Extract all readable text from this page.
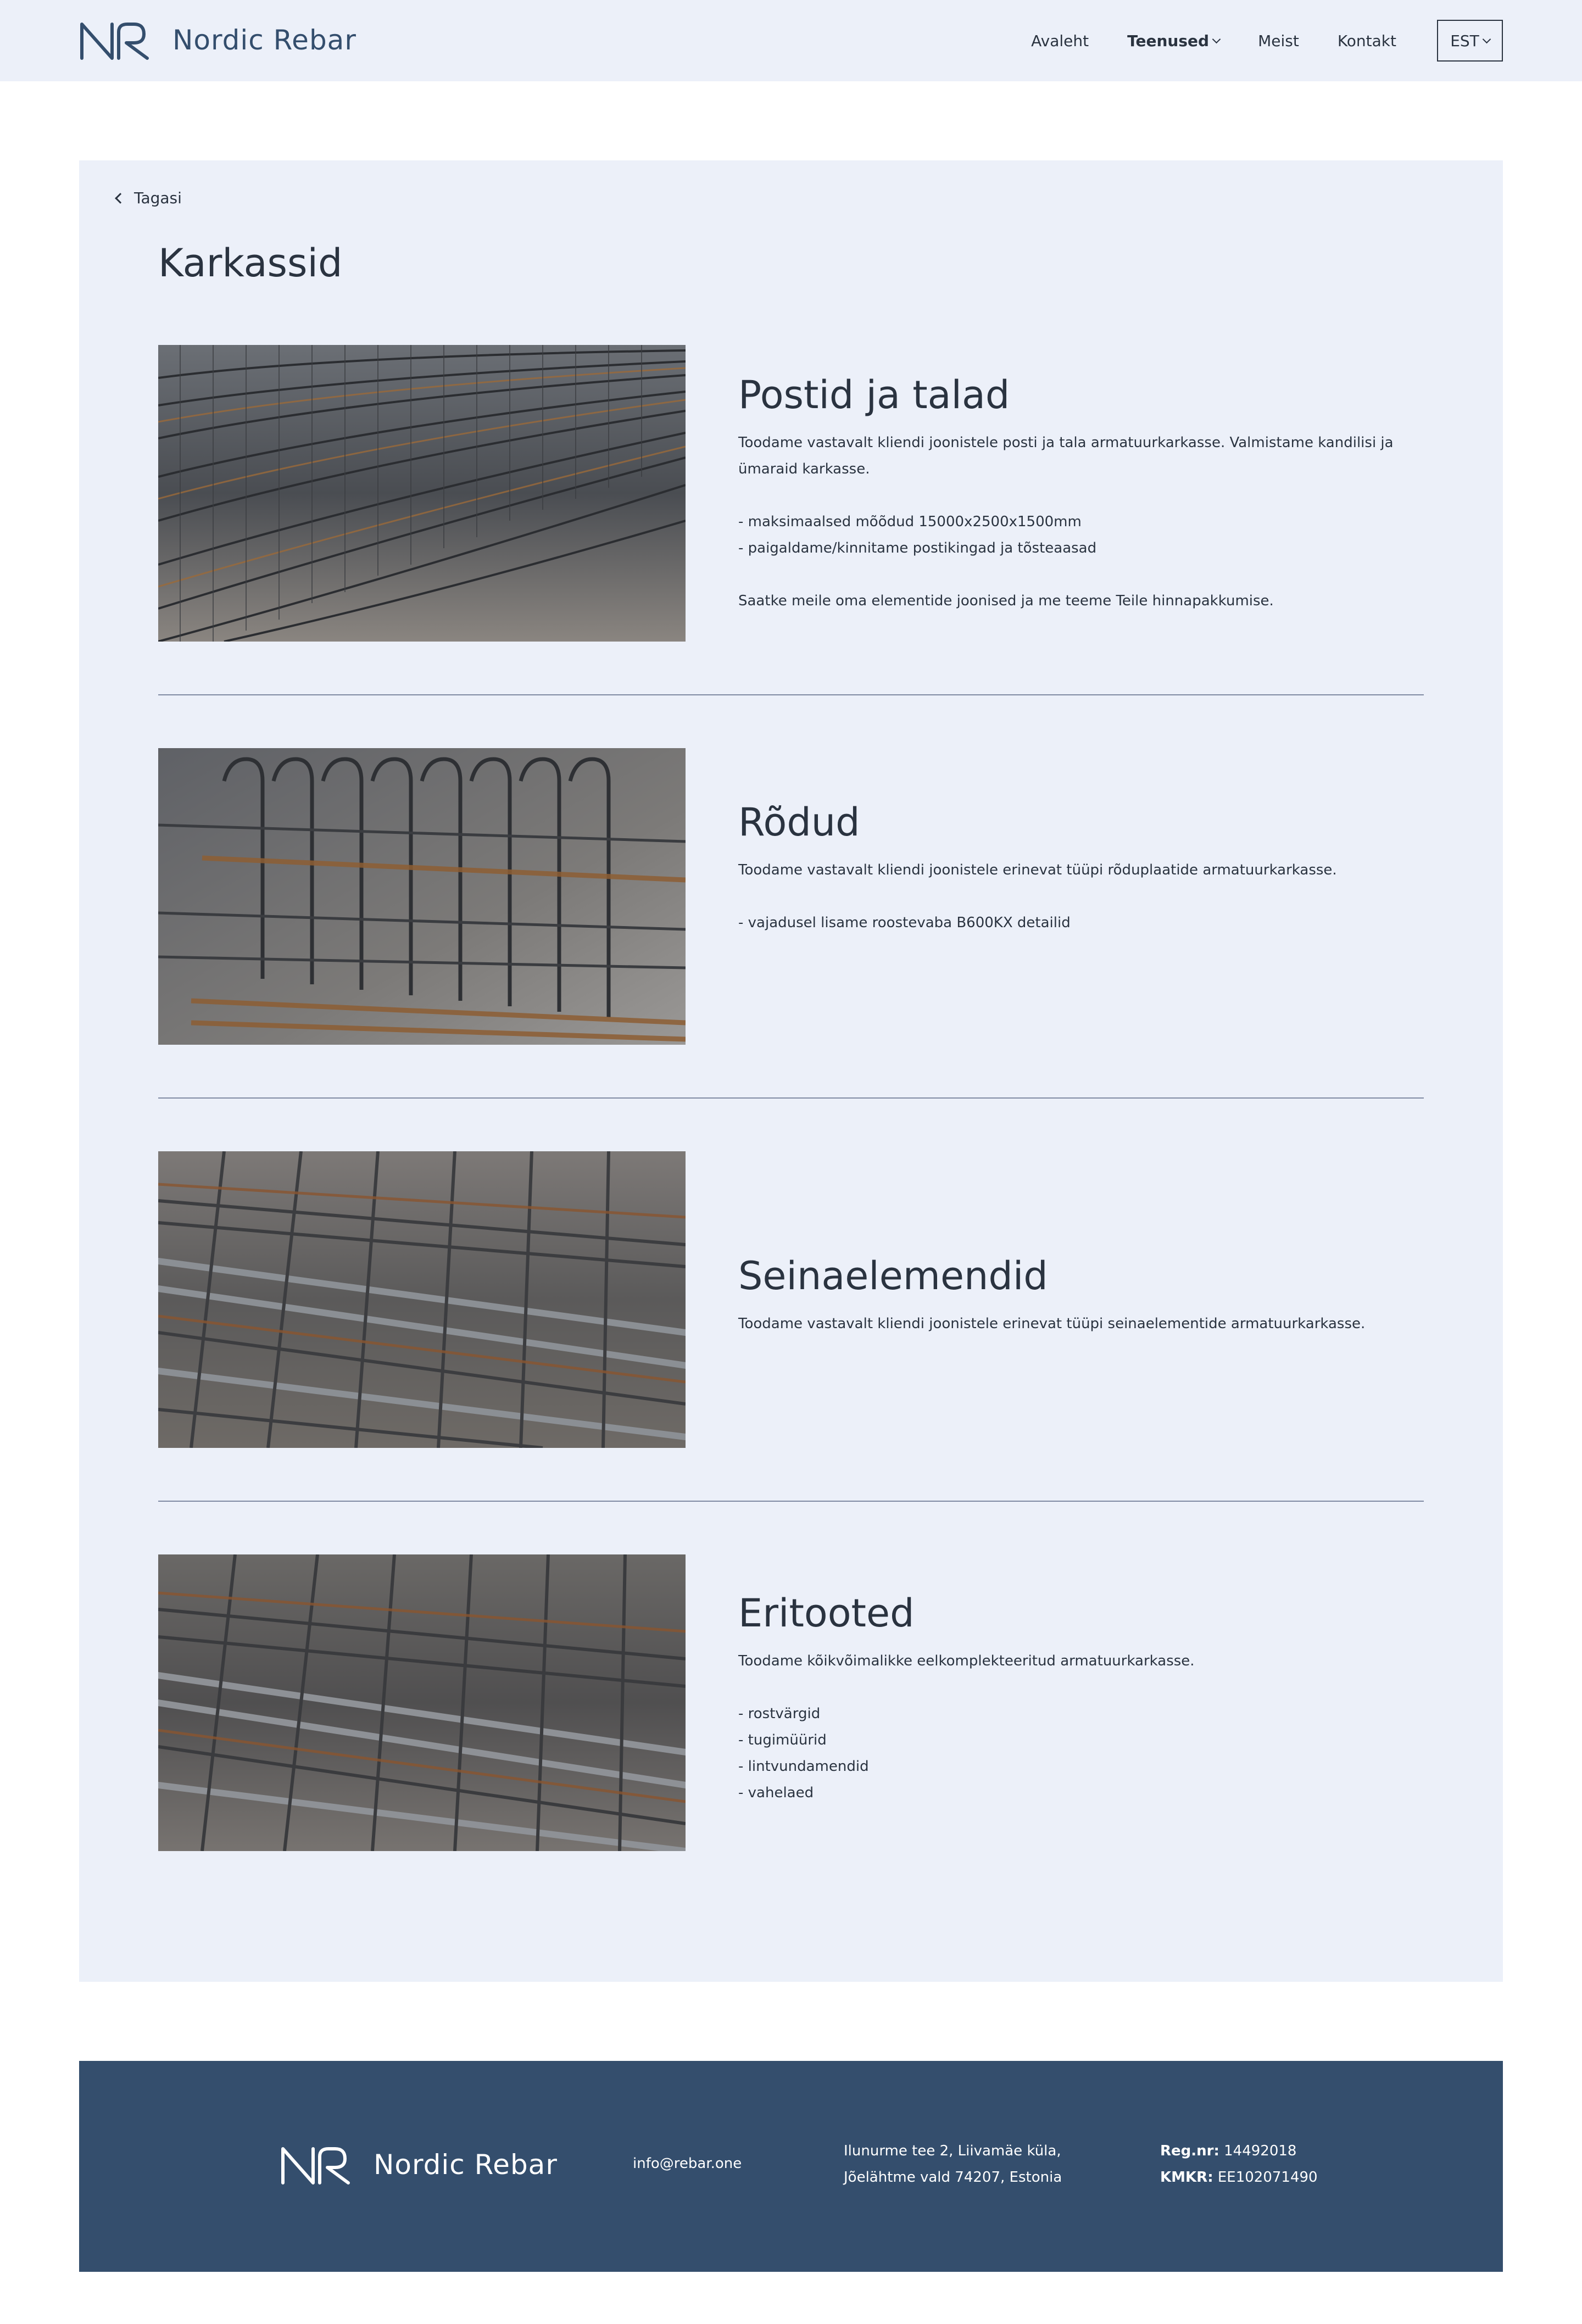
Nordic Rebar	Avaleht	Teenused	Meist	Kontakt	EST
Tagasi
Karkassid
Postid ja talad

Toodame vastavalt kliendi joonistele posti ja tala armatuurkarkasse. Valmistame kandilisi ja ümaraid karkasse.

- maksimaalsed mõõdud 15000x2500x1500mm
- paigaldame/kinnitame postikingad ja tõsteaasad

Saatke meile oma elementide joonised ja me teeme Teile hinnapakkumise.

Rõdud

Toodame vastavalt kliendi joonistele erinevat tüüpi rõduplaatide armatuurkarkasse.

- vajadusel lisame roostevaba B600KX detailid

Seinaelemendid

Toodame vastavalt kliendi joonistele erinevat tüüpi seinaelementide armatuurkarkasse.

Eritooted

Toodame kõikvõimalikke eelkomplekteeritud armatuurkarkasse.

- rostvärgid
- tugimüürid
- lintvundamendid
- vahelaed

Nordic Rebar	info@rebar.one
Ilunurme tee 2, Liivamäe küla,
Jõelähtme vald 74207, Estonia
Reg.nr: 14492018
KMKR: EE102071490
